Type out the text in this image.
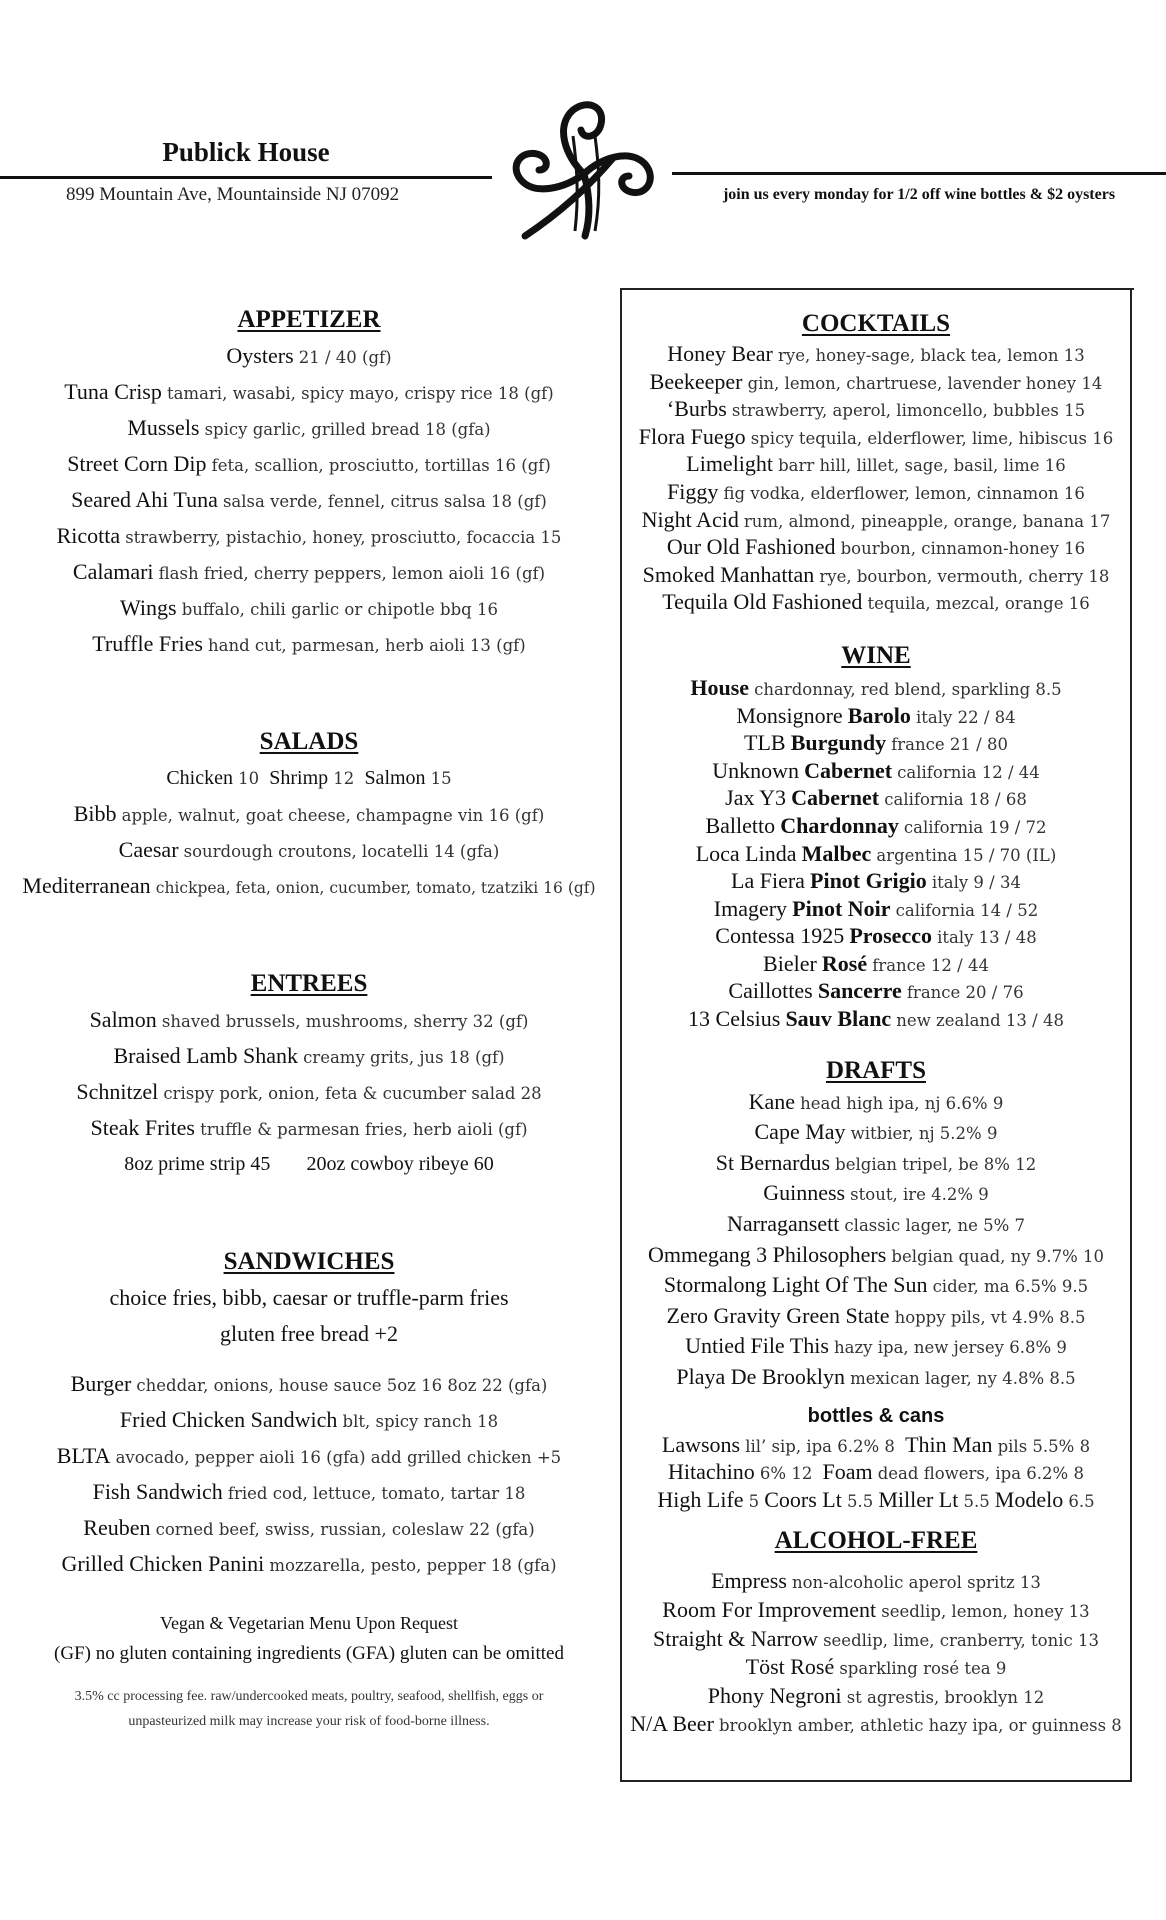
Publick House
899 Mountain Ave, Mountainside NJ 07092	join us every monday for 1/2 off wine bottles & $2 oysters
APPETIZER
Oysters 21 / 40 (gf)
Tuna Crisp tamari, wasabi, spicy mayo, crispy rice 18 (gf)
Mussels spicy garlic, grilled bread 18 (gfa)
Street Corn Dip feta, scallion, prosciutto, tortillas 16 (gf)
Seared Ahi Tuna salsa verde, fennel, citrus salsa 18 (gf)
Ricotta strawberry, pistachio, honey, prosciutto, focaccia 15
Calamari flash fried, cherry peppers, lemon aioli 16 (gf)
Wings buffalo, chili garlic or chipotle bbq 16
Truffle Fries hand cut, parmesan, herb aioli 13 (gf)
SALADS
Chicken 10 Shrimp 12 Salmon 15
Bibb apple, walnut, goat cheese, champagne vin 16 (gf)
Caesar sourdough croutons, locatelli 14 (gfa)
Mediterranean chickpea, feta, onion, cucumber, tomato, tzatziki 16 (gf)
ENTREES
Salmon shaved brussels, mushrooms, sherry 32 (gf)
Braised Lamb Shank creamy grits, jus 18 (gf)
Schnitzel crispy pork, onion, feta & cucumber salad 28
Steak Frites truffle & parmesan fries, herb aioli (gf)
8oz prime strip 45 20oz cowboy ribeye 60
SANDWICHES
choice fries, bibb, caesar or truffle-parm fries
gluten free bread +2
Burger cheddar, onions, house sauce 5oz 16 8oz 22 (gfa)
Fried Chicken Sandwich blt, spicy ranch 18
BLTA avocado, pepper aioli 16 (gfa) add grilled chicken +5
Fish Sandwich fried cod, lettuce, tomato, tartar 18
Reuben corned beef, swiss, russian, coleslaw 22 (gfa)
Grilled Chicken Panini mozzarella, pesto, pepper 18 (gfa)
Vegan & Vegetarian Menu Upon Request
(GF) no gluten containing ingredients (GFA) gluten can be omitted
3.5% cc processing fee. raw/undercooked meats, poultry, seafood, shellfish, eggs or
unpasteurized milk may increase your risk of food-borne illness.
COCKTAILS
Honey Bear rye, honey-sage, black tea, lemon 13
Beekeeper gin, lemon, chartruese, lavender honey 14
‘Burbs strawberry, aperol, limoncello, bubbles 15
Flora Fuego spicy tequila, elderflower, lime, hibiscus 16
Limelight barr hill, lillet, sage, basil, lime 16
Figgy fig vodka, elderflower, lemon, cinnamon 16
Night Acid rum, almond, pineapple, orange, banana 17
Our Old Fashioned bourbon, cinnamon-honey 16
Smoked Manhattan rye, bourbon, vermouth, cherry 18
Tequila Old Fashioned tequila, mezcal, orange 16
WINE
House chardonnay, red blend, sparkling 8.5
Monsignore Barolo italy 22 / 84
TLB Burgundy france 21 / 80
Unknown Cabernet california 12 / 44
Jax Y3 Cabernet california 18 / 68
Balletto Chardonnay california 19 / 72
Loca Linda Malbec argentina 15 / 70 (IL)
La Fiera Pinot Grigio italy 9 / 34
Imagery Pinot Noir california 14 / 52
Contessa 1925 Prosecco italy 13 / 48
Bieler Rosé france 12 / 44
Caillottes Sancerre france 20 / 76
13 Celsius Sauv Blanc new zealand 13 / 48
DRAFTS
Kane head high ipa, nj 6.6% 9
Cape May witbier, nj 5.2% 9
St Bernardus belgian tripel, be 8% 12
Guinness stout, ire 4.2% 9
Narragansett classic lager, ne 5% 7
Ommegang 3 Philosophers belgian quad, ny 9.7% 10
Stormalong Light Of The Sun cider, ma 6.5% 9.5
Zero Gravity Green State hoppy pils, vt 4.9% 8.5
Untied File This hazy ipa, new jersey 6.8% 9
Playa De Brooklyn mexican lager, ny 4.8% 8.5
bottles & cans
Lawsons lil’ sip, ipa 6.2% 8 Thin Man pils 5.5% 8
Hitachino 6% 12 Foam dead flowers, ipa 6.2% 8
High Life 5 Coors Lt 5.5 Miller Lt 5.5 Modelo 6.5
ALCOHOL-FREE
Empress non-alcoholic aperol spritz 13
Room For Improvement seedlip, lemon, honey 13
Straight & Narrow seedlip, lime, cranberry, tonic 13
Töst Rosé sparkling rosé tea 9
Phony Negroni st agrestis, brooklyn 12
N/A Beer brooklyn amber, athletic hazy ipa, or guinness 8
